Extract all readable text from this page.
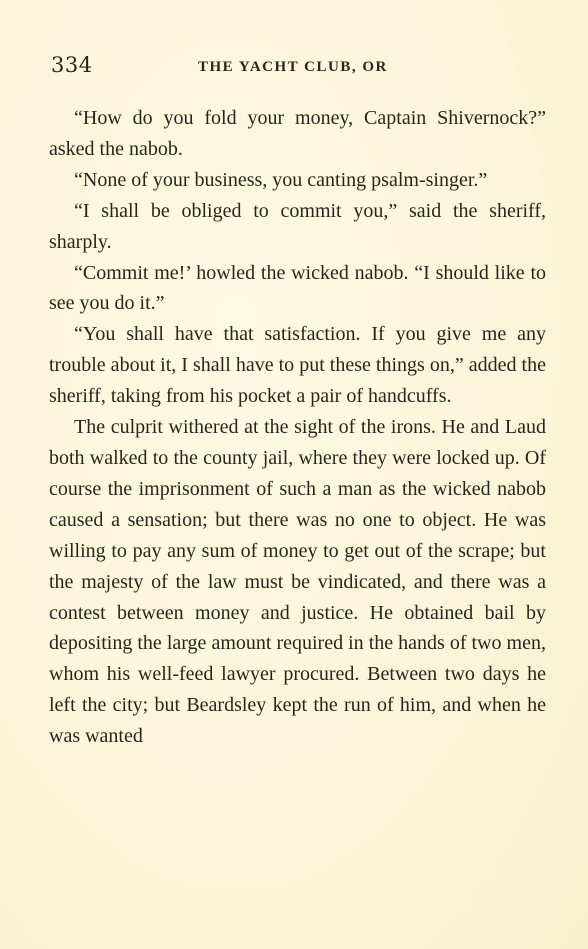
334	THE YACHT CLUB, OR

“How do you fold your money, Captain Shivernock?” asked the nabob.

“None of your business, you canting psalm-singer.”

“I shall be obliged to commit you,” said the sheriff, sharply.

“Commit me!’ howled the wicked nabob. “I should like to see you do it.”

“You shall have that satisfaction. If you give me any trouble about it, I shall have to put these things on,” added the sheriff, taking from his pocket a pair of handcuffs.

The culprit withered at the sight of the irons. He and Laud both walked to the county jail, where they were locked up. Of course the imprisonment of such a man as the wicked nabob caused a sensation; but there was no one to object. He was willing to pay any sum of money to get out of the scrape; but the majesty of the law must be vindicated, and there was a contest between money and justice. He obtained bail by depositing the large amount required in the hands of two men, whom his well-feed lawyer procured. Between two days he left the city; but Beardsley kept the run of him, and when he was wanted
